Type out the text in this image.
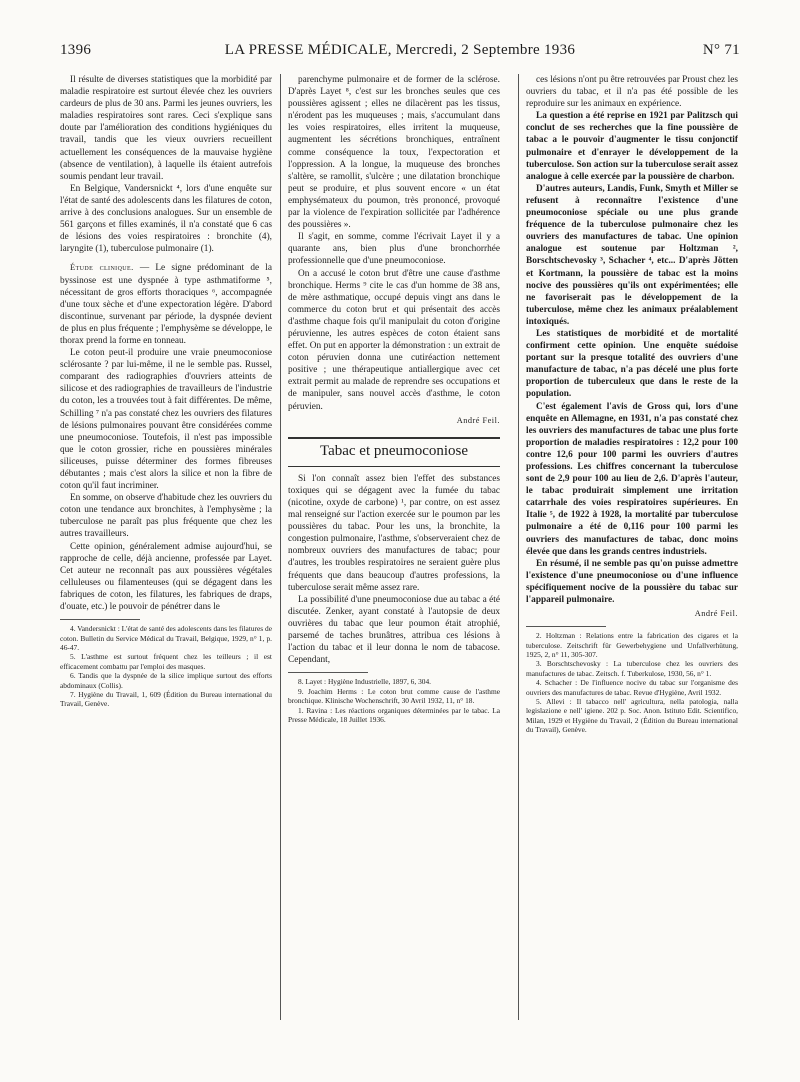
1396	LA PRESSE MÉDICALE, Mercredi, 2 Septembre 1936	N° 71

Il résulte de diverses statistiques que la morbidité par maladie respiratoire est surtout élevée chez les ouvriers cardeurs de plus de 30 ans. Parmi les jeunes ouvriers, les maladies respiratoires sont rares. Ceci s'explique sans doute par l'amélioration des conditions hygiéniques du travail, tandis que les vieux ouvriers recueillent actuellement les conséquences de la mauvaise hygiène (absence de ventilation), à laquelle ils étaient autrefois soumis pendant leur travail.

En Belgique, Vandersnickt ⁴, lors d'une enquête sur l'état de santé des adolescents dans les filatures de coton, arrive à des conclusions analogues. Sur un ensemble de 561 garçons et filles examinés, il n'a constaté que 6 cas de lésions des voies respiratoires : bronchite (4), laryngite (1), tuberculose pulmonaire (1).

Étude clinique. — Le signe prédominant de la byssinose est une dyspnée à type asthmatiforme ⁵, nécessitant de gros efforts thoraciques ⁶, accompagnée d'une toux sèche et d'une expectoration légère. D'abord discontinue, survenant par période, la dyspnée devient de plus en plus fréquente ; l'emphysème se développe, le thorax prend la forme en tonneau.

Le coton peut-il produire une vraie pneumoconiose sclérosante ? par lui-même, il ne le semble pas. Russel, comparant des radiographies d'ouvriers atteints de silicose et des radiographies de travailleurs de l'industrie du coton, les a trouvées tout à fait différentes. De même, Schilling ⁷ n'a pas constaté chez les ouvriers des filatures de lésions pulmonaires pouvant être considérées comme une pneumoconiose. Toutefois, il n'est pas impossible que le coton grossier, riche en poussières minérales siliceuses, puisse déterminer des formes fibreuses débutantes ; mais c'est alors la silice et non la fibre de coton qu'il faut incriminer.

En somme, on observe d'habitude chez les ouvriers du coton une tendance aux bronchites, à l'emphysème ; la tuberculose ne paraît pas plus fréquente que chez les autres travailleurs.

Cette opinion, généralement admise aujourd'hui, se rapproche de celle, déjà ancienne, professée par Layet. Cet auteur ne reconnaît pas aux poussières végétales celluleuses ou filamenteuses (qui se dégagent dans les fabriques de coton, les filatures, les fabriques de draps, d'ouate, etc.) le pouvoir de pénétrer dans le

4. Vandersnickt : L'état de santé des adolescents dans les filatures de coton. Bulletin du Service Médical du Travail, Belgique, 1929, n° 1, p. 46-47.

5. L'asthme est surtout fréquent chez les teilleurs ; il est efficacement combattu par l'emploi des masques.

6. Tandis que la dyspnée de la silice implique surtout des efforts abdominaux (Collis).

7. Hygiène du Travail, 1, 609 (Édition du Bureau international du Travail, Genève.

parenchyme pulmonaire et de former de la sclérose. D'après Layet ⁸, c'est sur les bronches seules que ces poussières agissent ; elles ne dilacèrent pas les tissus, n'érodent pas les muqueuses ; mais, s'accumulant dans les voies respiratoires, elles irritent la muqueuse, augmentent les sécrétions bronchiques, entraînent comme conséquence la toux, l'expectoration et l'oppression. A la longue, la muqueuse des bronches s'altère, se ramollit, s'ulcère ; une dilatation bronchique peut se produire, et plus souvent encore « un état emphysémateux du poumon, très prononcé, provoqué par la violence de l'expiration sollicitée par l'adhérence des poussières ».

Il s'agit, en somme, comme l'écrivait Layet il y a quarante ans, bien plus d'une bronchorrhée professionnelle que d'une pneumoconiose.

On a accusé le coton brut d'être une cause d'asthme bronchique. Herms ⁹ cite le cas d'un homme de 38 ans, de mère asthmatique, occupé depuis vingt ans dans le commerce du coton brut et qui présentait des accès d'asthme chaque fois qu'il manipulait du coton d'origine péruvienne, les autres espèces de coton étaient sans effet. On put en apporter la démonstration : un extrait de coton péruvien donna une cutiréaction nettement positive ; une thérapeutique antiallergique avec cet extrait permit au malade de reprendre ses occupations et de manipuler, sans nouvel accès d'asthme, le coton péruvien.

André Feil.
Tabac et pneumoconiose

Si l'on connaît assez bien l'effet des substances toxiques qui se dégagent avec la fumée du tabac (nicotine, oxyde de carbone) ¹, par contre, on est assez mal renseigné sur l'action exercée sur le poumon par les poussières du tabac. Pour les uns, la bronchite, la congestion pulmonaire, l'asthme, s'observeraient chez de nombreux ouvriers des manufactures de tabac; pour d'autres, les troubles respiratoires ne seraient guère plus fréquents que dans beaucoup d'autres professions, la tuberculose serait même assez rare.

La possibilité d'une pneumoconiose due au tabac a été discutée. Zenker, ayant constaté à l'autopsie de deux ouvrières du tabac que leur poumon était atrophié, parsemé de taches brunâtres, attribua ces lésions à l'action du tabac et il leur donna le nom de tabacose. Cependant,

8. Layet : Hygiène Industrielle, 1897, 6, 304.

9. Joachim Herms : Le coton brut comme cause de l'asthme bronchique. Klinische Wochenschrift, 30 Avril 1932, 11, n° 18.

1. Ravina : Les réactions organiques déterminées par le tabac. La Presse Médicale, 18 Juillet 1936.

ces lésions n'ont pu être retrouvées par Proust chez les ouvriers du tabac, et il n'a pas été possible de les reproduire sur les animaux en expérience.

La question a été reprise en 1921 par Palitzsch qui conclut de ses recherches que la fine poussière de tabac a le pouvoir d'augmenter le tissu conjonctif pulmonaire et d'enrayer le développement de la tuberculose. Son action sur la tuberculose serait assez analogue à celle exercée par la poussière de charbon.

D'autres auteurs, Landis, Funk, Smyth et Miller se refusent à reconnaître l'existence d'une pneumoconiose spéciale ou une plus grande fréquence de la tuberculose pulmonaire chez les ouvriers des manufactures de tabac. Une opinion analogue est soutenue par Holtzman ², Borschtschevosky ³, Schacher ⁴, etc... D'après Jötten et Kortmann, la poussière de tabac est la moins nocive des poussières qu'ils ont expérimentées; elle ne favoriserait pas le développement de la tuberculose, même chez les animaux préalablement intoxiqués.

Les statistiques de morbidité et de mortalité confirment cette opinion. Une enquête suédoise portant sur la presque totalité des ouvriers d'une manufacture de tabac, n'a pas décelé une plus forte proportion de tuberculeux que dans le reste de la population.

C'est également l'avis de Gross qui, lors d'une enquête en Allemagne, en 1931, n'a pas constaté chez les ouvriers des manufactures de tabac une plus forte proportion de maladies respiratoires : 12,2 pour 100 contre 12,6 pour 100 parmi les ouvriers d'autres professions. Les chiffres concernant la tuberculose sont de 2,9 pour 100 au lieu de 2,6. D'après l'auteur, le tabac produirait simplement une irritation catarrhale des voies respiratoires supérieures. En Italie ⁵, de 1922 à 1928, la mortalité par tuberculose pulmonaire a été de 0,116 pour 100 parmi les ouvriers des manufactures de tabac, donc moins élevée que dans les grands centres industriels.

En résumé, il ne semble pas qu'on puisse admettre l'existence d'une pneumoconiose ou d'une influence spécifiquement nocive de la poussière du tabac sur l'appareil pulmonaire.

André Feil.

2. Holtzman : Relations entre la fabrication des cigares et la tuberculose. Zeitschrift für Gewerbehygiene und Unfallverhütung, 1925, 2, n° 11, 305-307.

3. Borschtschevosky : La tuberculose chez les ouvriers des manufactures de tabac. Zeitsch. f. Tuberkulose, 1930, 56, n° 1.

4. Schacher : De l'influence nocive du tabac sur l'organisme des ouvriers des manufactures de tabac. Revue d'Hygiène, Avril 1932.

5. Allevi : Il tabacco nell' agricultura, nella patologia, nalla legislazione e nell' igiene. 202 p. Soc. Anon. Istituto Edit. Scientifico, Milan, 1929 et Hygiène du Travail, 2 (Édition du Bureau international du Travail), Genève.
